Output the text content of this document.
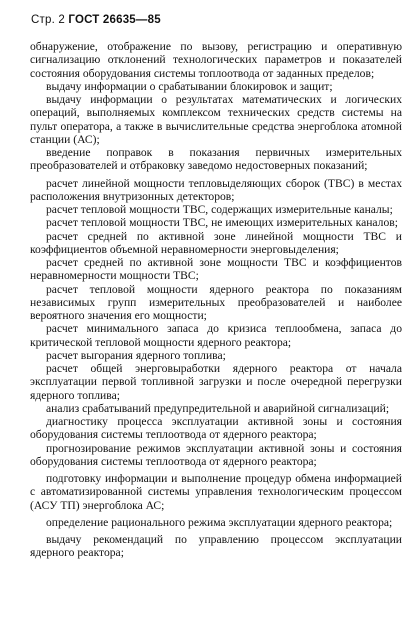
Стр. 2 ГОСТ 26635—85

обнаружение, отображение по вызову, регистрацию и оперативную сигнализацию отклонений технологических параметров и показателей состояния оборудования системы топлоотвода от заданных пределов;

выдачу информации о срабатывании блокировок и защит;

выдачу информации о результатах математических и логических операций, выполняемых комплексом технических средств системы на пульт оператора, а также в вычислительные средства энергоблока атомной станции (АС);

введение поправок в показания первичных измерительных преобразователей и отбраковку заведомо недостоверных показаний;

расчет линейной мощности тепловыделяющих сборок (ТВС) в местах расположения внутризонных детекторов;

расчет тепловой мощности ТВС, содержащих измерительные каналы;

расчет тепловой мощности ТВС, не имеющих измерительных каналов;

расчет средней по активной зоне линейной мощности ТВС и коэффициентов объемной неравномерности энерговыделения;

расчет средней по активной зоне мощности ТВС и коэффициентов неравномерности мощности ТВС;

расчет тепловой мощности ядерного реактора по показаниям независимых групп измерительных преобразователей и наиболее вероятного значения его мощности;

расчет минимального запаса до кризиса теплообмена, запаса до критической тепловой мощности ядерного реактора;

расчет выгорания ядерного топлива;

расчет общей энерговыработки ядерного реактора от начала эксплуатации первой топливной загрузки и после очередной перегрузки ядерного топлива;

анализ срабатываний предупредительной и аварийной сигнализаций;

диагностику процесса эксплуатации активной зоны и состояния оборудования системы теплоотвода от ядерного реактора;

прогнозирование режимов эксплуатации активной зоны и состояния оборудования системы теплоотвода от ядерного реактора;

подготовку информации и выполнение процедур обмена информацией с автоматизированной системы управления технологическим процессом (АСУ ТП) энергоблока АС;

определение рационального режима эксплуатации ядерного реактора;

выдачу рекомендаций по управлению процессом эксплуатации ядерного реактора;
